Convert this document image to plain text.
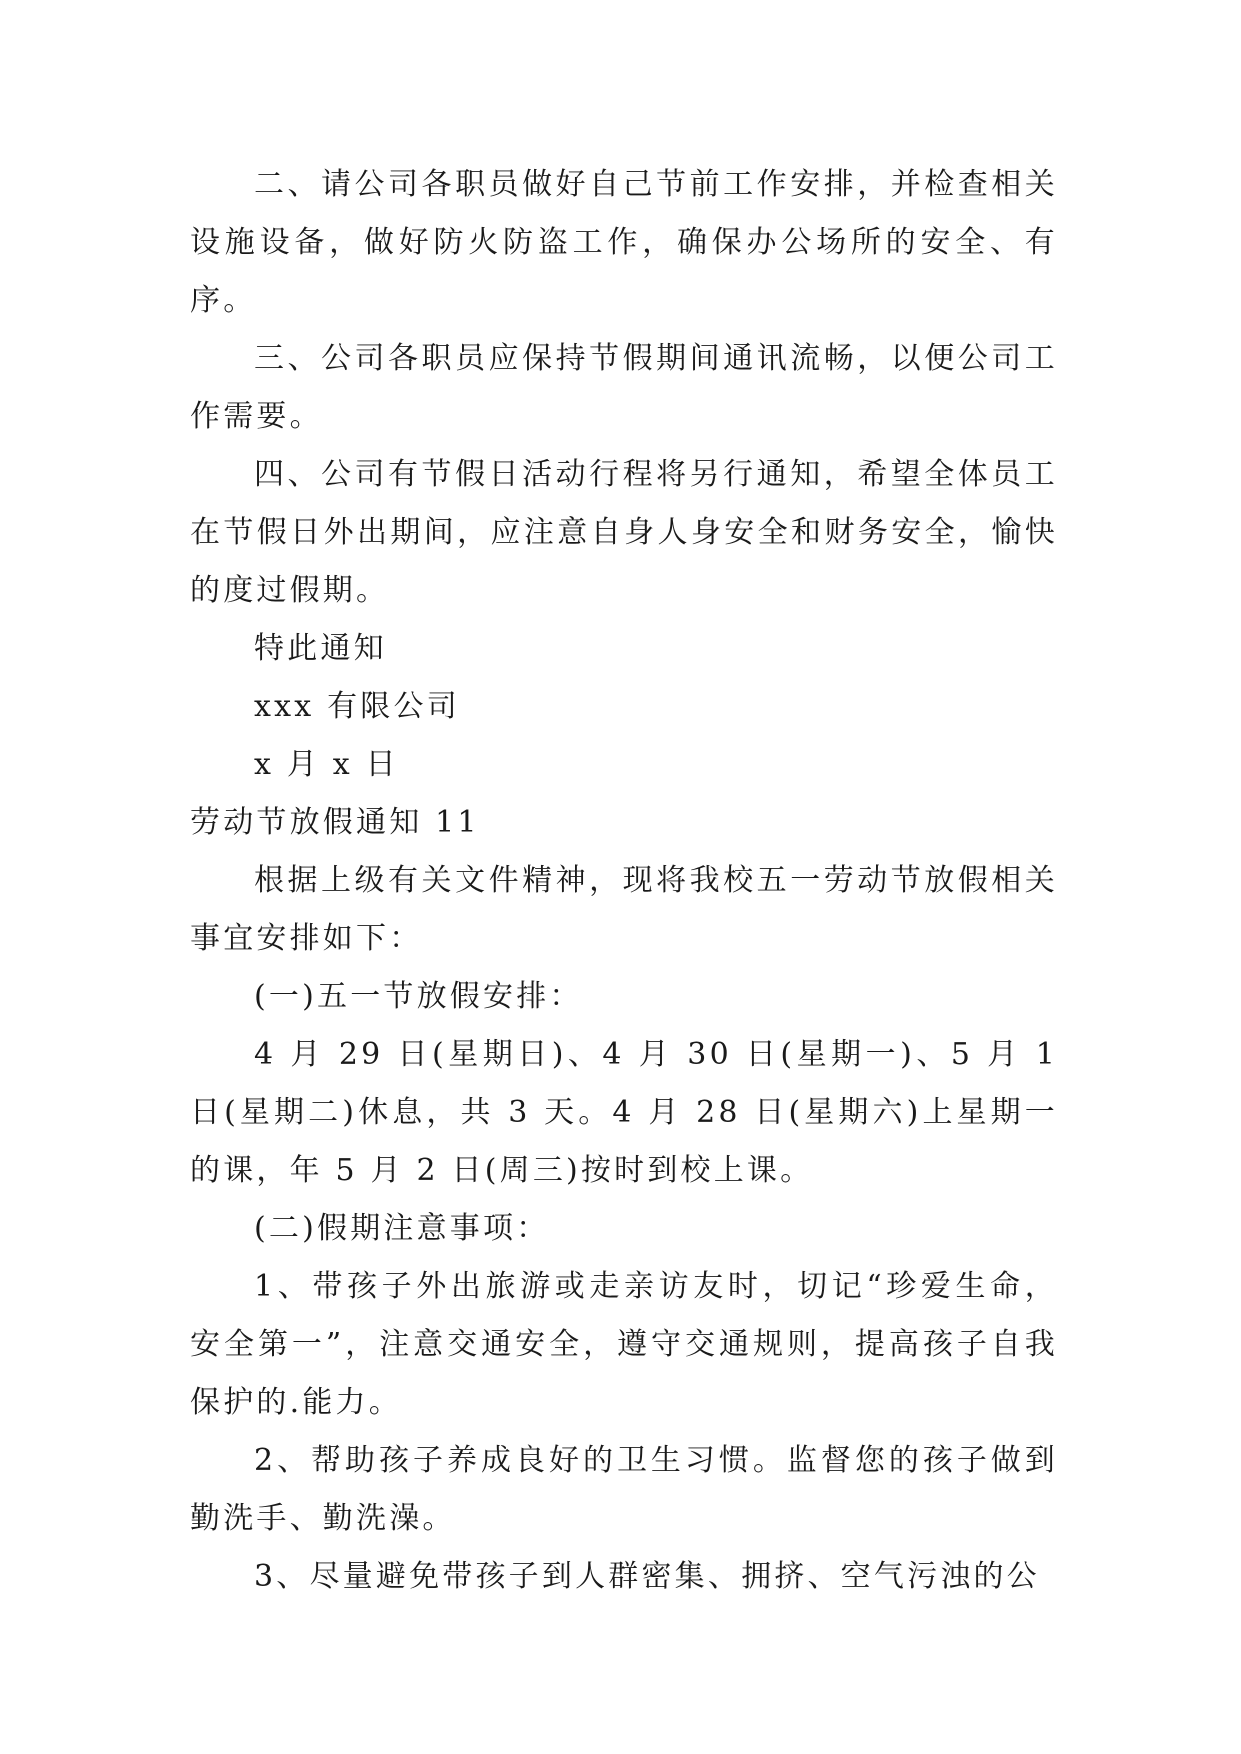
二、请公司各职员做好自己节前工作安排，并检查相关设施设备，做好防火防盗工作，确保办公场所的安全、有序。

三、公司各职员应保持节假期间通讯流畅，以便公司工作需要。

四、公司有节假日活动行程将另行通知，希望全体员工在节假日外出期间，应注意自身人身安全和财务安全，愉快的度过假期。

特此通知

xxx 有限公司

x 月 x 日

劳动节放假通知 11

根据上级有关文件精神，现将我校五一劳动节放假相关事宜安排如下：

(一)五一节放假安排：

4 月 29 日(星期日)、4 月 30 日(星期一)、5 月 1 日(星期二)休息，共 3 天。4 月 28 日(星期六)上星期一的课，年 5 月 2 日(周三)按时到校上课。

(二)假期注意事项：

1、带孩子外出旅游或走亲访友时，切记“珍爱生命，安全第一”，注意交通安全，遵守交通规则，提高孩子自我保护的.能力。

2、帮助孩子养成良好的卫生习惯。监督您的孩子做到勤洗手、勤洗澡。

3、尽量避免带孩子到人群密集、拥挤、空气污浊的公
